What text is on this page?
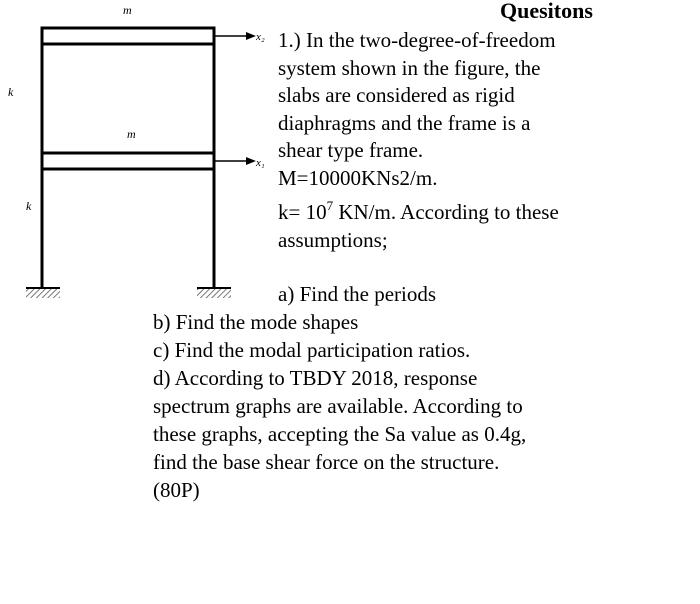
m
m
k
k
x₂
x₁
Quesitons
1.) In the two-degree-of-freedom
system shown in the figure, the
slabs are considered as rigid
diaphragms and the frame is a
shear type frame.
M=10000KNs2/m.
$k= 10^7$ KN/m. According to these
assumptions;
a) Find the periods
b) Find the mode shapes
c) Find the modal participation ratios.
d) According to TBDY 2018, response
spectrum graphs are available. According to
these graphs, accepting the Sa value as 0.4g,
find the base shear force on the structure.
(80P)
